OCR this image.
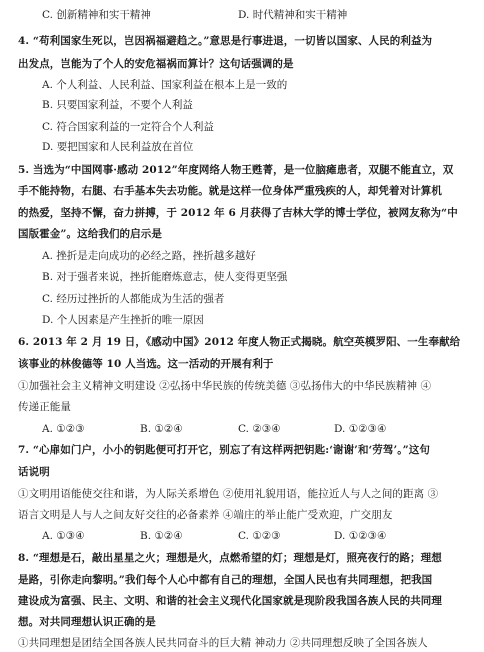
C. 创新精神和实干精神	D. 时代精神和实干精神
4. “苟利国家生死以，岂因祸福避趋之。”意思是行事进退，一切皆以国家、人民的利益为
出发点，岂能为了个人的安危福祸而算计？这句话强调的是
A. 个人利益、人民利益、国家利益在根本上是一致的
B. 只要国家利益，不要个人利益
C. 符合国家利益的一定符合个人利益
D. 要把国家和人民利益放在首位
5. 当选为“中国网事·感动 2012”年度网络人物王甦菁，是一位脑瘫患者，双腿不能直立，双
手不能持物，右腿、右手基本失去功能。就是这样一位身体严重残疾的人，却凭着对计算机
的热爱，坚持不懈，奋力拼搏，于 2012 年 6 月获得了吉林大学的博士学位，被网友称为“中
国版霍金”。这给我们的启示是
A. 挫折是走向成功的必经之路，挫折越多越好
B. 对于强者来说，挫折能磨炼意志，使人变得更坚强
C. 经历过挫折的人都能成为生活的强者
D. 个人因素是产生挫折的唯一原因
6. 2013 年 2 月 19 日，《感动中国》2012 年度人物正式揭晓。航空英模罗阳、一生奉献给
该事业的林俊德等 10 人当选。这一活动的开展有利于
①加强社会主义精神文明建设 ②弘扬中华民族的传统美德 ③弘扬伟大的中华民族精神 ④
传递正能量
A. ①②③	B. ①②④	C. ②③④	D. ①②③④
7. “心扉如门户，小小的钥匙便可打开它，别忘了有这样两把钥匙:‘谢谢’和‘劳驾’。”这句
话说明
①文明用语能使交往和谐，为人际关系增色 ②使用礼貌用语，能拉近人与人之间的距离 ③
语言文明是人与人之间友好交往的必备素养 ④端庄的举止能广受欢迎，广交朋友
A. ①③④	B. ①②④	C. ①②③	D. ①②③④
8. “理想是石，敲出星星之火；理想是火，点燃希望的灯；理想是灯，照亮夜行的路；理想
是路，引你走向黎明。”我们每个人心中都有自己的理想，全国人民也有共同理想，把我国
建设成为富强、民主、文明、和谐的社会主义现代化国家就是现阶段我国各族人民的共同理
想。对共同理想认识正确的是
①共同理想是团结全国各族人民共同奋斗的巨大精 神动力 ②共同理想反映了全国各族人
